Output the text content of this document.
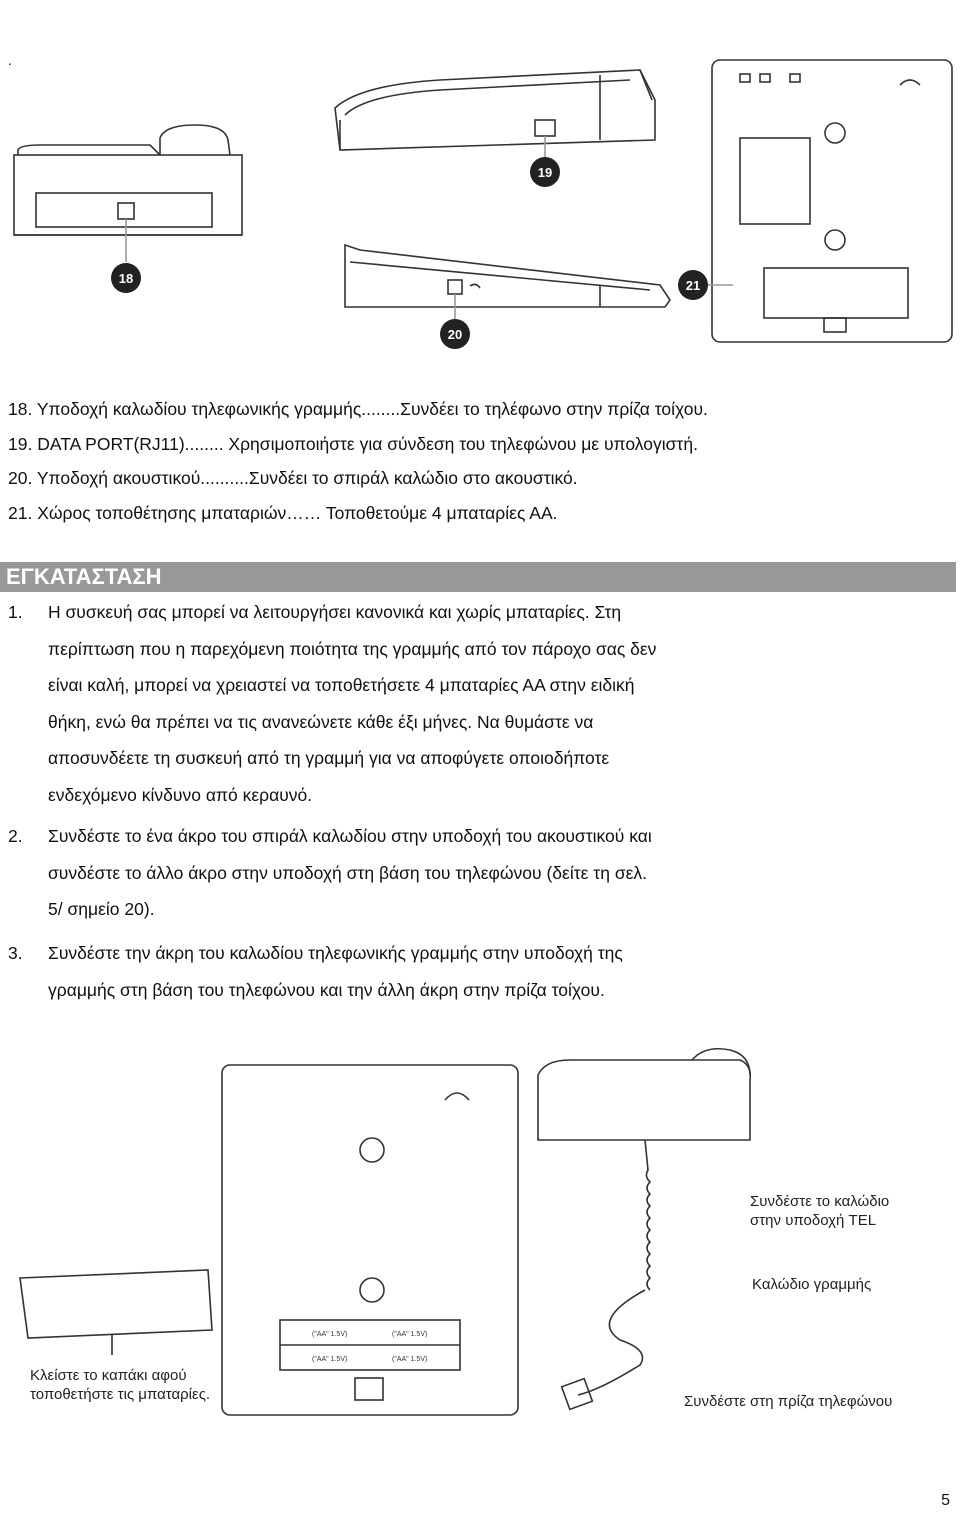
.
18
19
20
21
("AA" 1.5V)	("AA" 1.5V)
("AA" 1.5V)	("AA" 1.5V)
18. Υποδοχή καλωδίου τηλεφωνικής γραμμής........Συνδέει το τηλέφωνο στην πρίζα τοίχου.
19. DATA PORT(RJ11)........ Χρησιμοποιήστε για σύνδεση του τηλεφώνου με υπολογιστή.
20. Υποδοχή ακουστικού..........Συνδέει το σπιράλ καλώδιο στο ακουστικό.
21. Χώρος τοποθέτησης μπαταριών…… Τοποθετούμε 4 μπαταρίες ΑΑ.
ΕΓΚΑΤΑΣΤΑΣΗ
1. Η συσκευή σας μπορεί να λειτουργήσει κανονικά και χωρίς μπαταρίες. Στη
περίπτωση που η παρεχόμενη ποιότητα της γραμμής από τον πάροχο σας δεν
είναι καλή, μπορεί να χρειαστεί να τοποθετήσετε 4 μπαταρίες ΑΑ στην ειδική
θήκη, ενώ θα πρέπει να τις ανανεώνετε κάθε έξι μήνες. Να θυμάστε να
αποσυνδέετε τη συσκευή από τη γραμμή για να αποφύγετε οποιοδήποτε
ενδεχόμενο κίνδυνο από κεραυνό.
2. Συνδέστε το ένα άκρο του σπιράλ καλωδίου στην υποδοχή του ακουστικού και
συνδέστε το άλλο άκρο στην υποδοχή στη βάση του τηλεφώνου (δείτε τη σελ.
5/ σημείο 20).
3. Συνδέστε την άκρη του καλωδίου τηλεφωνικής γραμμής στην υποδοχή της
γραμμής στη βάση του τηλεφώνου και την άλλη άκρη στην πρίζα τοίχου.
Κλείστε το καπάκι αφού
τοποθετήστε τις μπαταρίες.
Συνδέστε το καλώδιο
στην υποδοχή TEL
Καλώδιο γραμμής
Συνδέστε στη πρίζα τηλεφώνου
5
